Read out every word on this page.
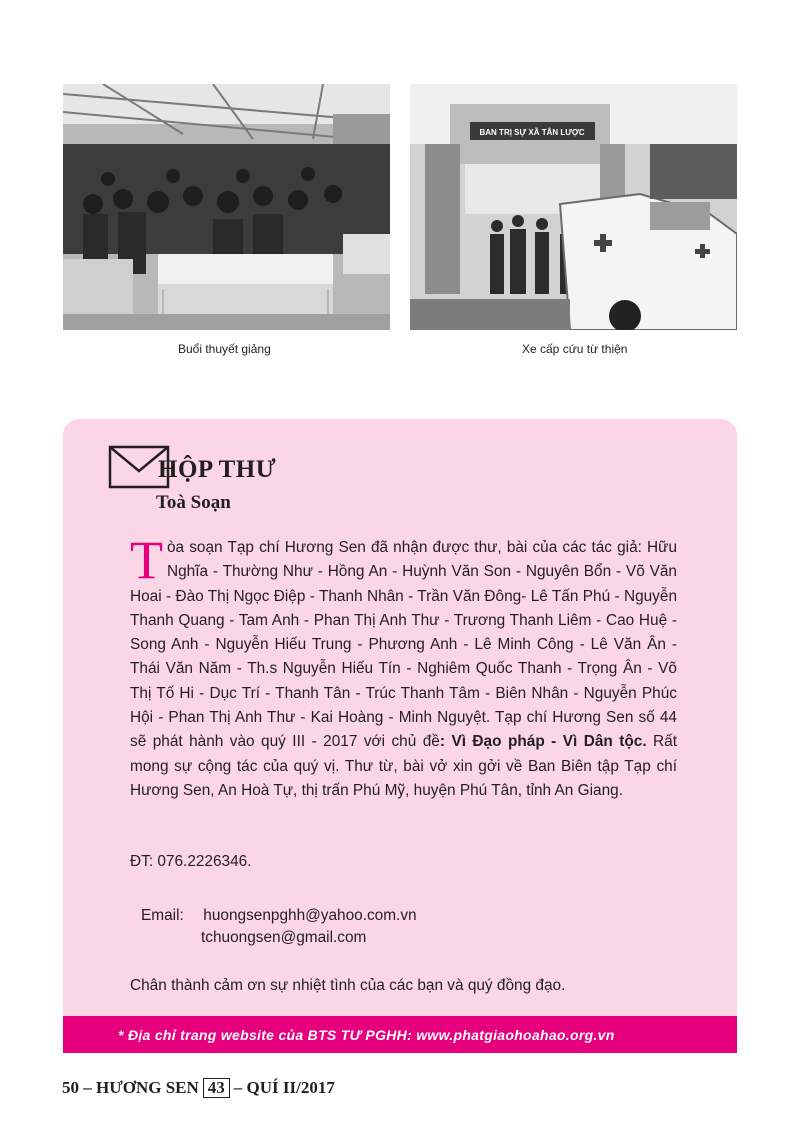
BAN TRỊ SỰ XÃ TÂN LƯỢC
Buổi thuyết giảng	Xe cấp cứu từ thiện
HỘP THƯ
Toà Soạn
Tòa soạn Tạp chí Hương Sen đã nhận được thư, bài của các tác giả: Hữu Nghĩa - Thường Như - Hồng An - Huỳnh Văn Son - Nguyên Bổn - Võ Văn Hoai - Đào Thị Ngọc Điệp - Thanh Nhân - Trần Văn Đông- Lê Tấn Phú - Nguyễn Thanh Quang - Tam Anh - Phan Thị Anh Thư - Trương Thanh Liêm - Cao Huệ - Song Anh - Nguyễn Hiếu Trung - Phương Anh - Lê Minh Công - Lê Văn Ân - Thái Văn Năm - Th.s Nguyễn Hiếu Tín - Nghiêm Quốc Thanh - Trọng Ân - Võ Thị Tố Hi - Dục Trí - Thanh Tân - Trúc Thanh Tâm - Biên Nhân - Nguyễn Phúc Hội - Phan Thị Anh Thư - Kai Hoàng - Minh Nguyệt. Tạp chí Hương Sen số 44 sẽ phát hành vào quý III - 2017 với chủ đề: Vì Đạo pháp - Vì Dân tộc. Rất mong sự cộng tác của quý vị. Thư từ, bài vở xin gởi về Ban Biên tập Tạp chí Hương Sen, An Hoà Tự, thị trấn Phú Mỹ, huyện Phú Tân, tỉnh An Giang.
ĐT: 076.2226346.
Email: huongsenpghh@yahoo.com.vn
tchuongsen@gmail.com
Chân thành cảm ơn sự nhiệt tình của các bạn và quý đồng đạo.
* Địa chỉ trang website của BTS TƯ PGHH: www.phatgiaohoahao.org.vn
50
– HƯƠNG SEN 43 – QUÍ II/2017
